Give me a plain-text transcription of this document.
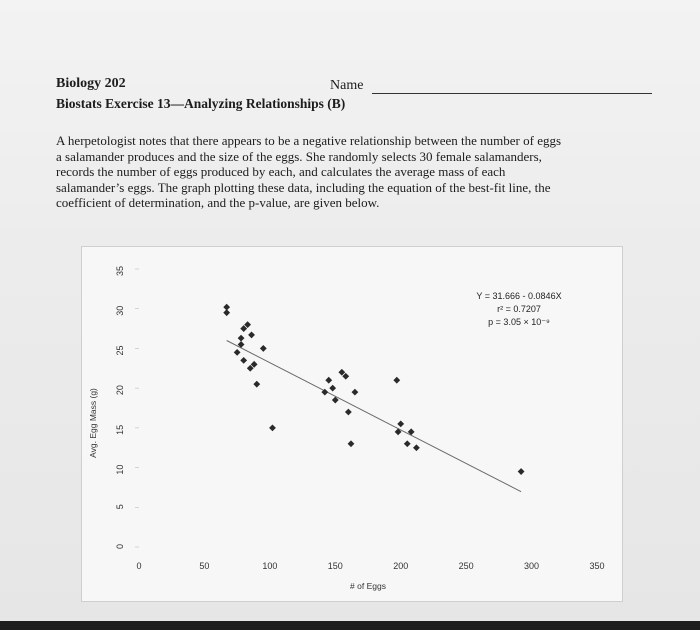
Biology 202	Name
Biostats Exercise 13—Analyzing Relationships (B)
A herpetologist notes that there appears to be a negative relationship between the number of eggs
a salamander produces and the size of the eggs. She randomly selects 30 female salamanders,
records the number of eggs produced by each, and calculates the average mass of each
salamander’s eggs. The graph plotting these data, including the equation of the best-fit line, the
coefficient of determination, and the p-value, are given below.
0
5
10
15
20
25
30
35
0	50	100	150	200	250	300	350
Avg. Egg Mass (g)
# of Eggs
Y = 31.666 - 0.0846X
r² = 0.7207
p = 3.05 × 10⁻⁹
